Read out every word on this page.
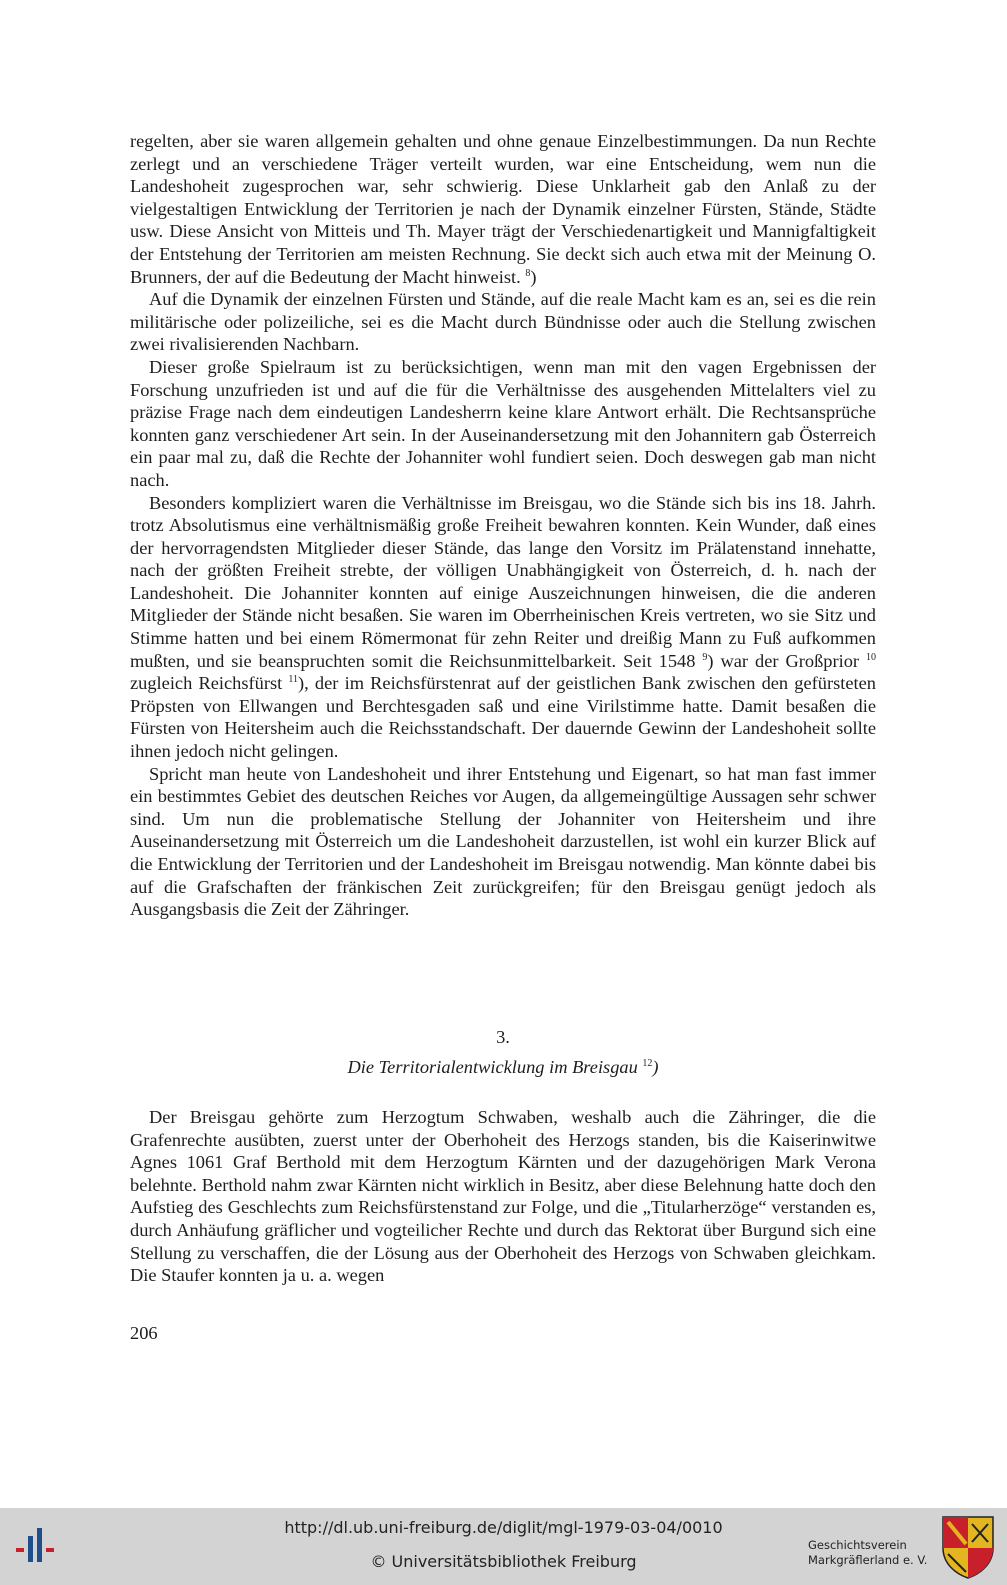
regelten, aber sie waren allgemein gehalten und ohne genaue Einzelbestimmungen. Da nun Rechte zerlegt und an verschiedene Träger verteilt wurden, war eine Entscheidung, wem nun die Landeshoheit zugesprochen war, sehr schwierig. Diese Unklarheit gab den Anlaß zu der vielgestaltigen Entwicklung der Territorien je nach der Dynamik einzelner Fürsten, Stände, Städte usw. Diese Ansicht von Mitteis und Th. Mayer trägt der Verschiedenartigkeit und Mannigfaltigkeit der Entstehung der Territorien am meisten Rechnung. Sie deckt sich auch etwa mit der Meinung O. Brunners, der auf die Bedeutung der Macht hinweist. $^8$)

Auf die Dynamik der einzelnen Fürsten und Stände, auf die reale Macht kam es an, sei es die rein militärische oder polizeiliche, sei es die Macht durch Bündnisse oder auch die Stellung zwischen zwei rivalisierenden Nachbarn.

Dieser große Spielraum ist zu berücksichtigen, wenn man mit den vagen Ergebnissen der Forschung unzufrieden ist und auf die für die Verhältnisse des ausgehenden Mittelalters viel zu präzise Frage nach dem eindeutigen Landesherrn keine klare Antwort erhält. Die Rechtsansprüche konnten ganz verschiedener Art sein. In der Auseinandersetzung mit den Johannitern gab Österreich ein paar mal zu, daß die Rechte der Johanniter wohl fundiert seien. Doch deswegen gab man nicht nach.

Besonders kompliziert waren die Verhältnisse im Breisgau, wo die Stände sich bis ins 18. Jahrh. trotz Absolutismus eine verhältnismäßig große Freiheit bewahren konnten. Kein Wunder, daß eines der hervorragendsten Mitglieder dieser Stände, das lange den Vorsitz im Prälatenstand innehatte, nach der größten Freiheit strebte, der völligen Unabhängigkeit von Österreich, d. h. nach der Landeshoheit. Die Johanniter konnten auf einige Auszeichnungen hinweisen, die die anderen Mitglieder der Stände nicht besaßen. Sie waren im Oberrheinischen Kreis vertreten, wo sie Sitz und Stimme hatten und bei einem Römermonat für zehn Reiter und dreißig Mann zu Fuß aufkommen mußten, und sie beanspruchten somit die Reichsunmittelbarkeit. Seit 1548 $^9$) war der Großprior $^{10}$ zugleich Reichsfürst $^{11}$), der im Reichsfürstenrat auf der geistlichen Bank zwischen den gefürsteten Pröpsten von Ellwangen und Berchtesgaden saß und eine Virilstimme hatte. Damit besaßen die Fürsten von Heitersheim auch die Reichsstandschaft. Der dauernde Gewinn der Landeshoheit sollte ihnen jedoch nicht gelingen.

Spricht man heute von Landeshoheit und ihrer Entstehung und Eigenart, so hat man fast immer ein bestimmtes Gebiet des deutschen Reiches vor Augen, da allgemeingültige Aussagen sehr schwer sind. Um nun die problematische Stellung der Johanniter von Heitersheim und ihre Auseinandersetzung mit Österreich um die Landeshoheit darzustellen, ist wohl ein kurzer Blick auf die Entwicklung der Territorien und der Landeshoheit im Breisgau notwendig. Man könnte dabei bis auf die Grafschaften der fränkischen Zeit zurückgreifen; für den Breisgau genügt jedoch als Ausgangsbasis die Zeit der Zähringer.

3.
Die Territorialentwicklung im Breisgau $^{12}$)

Der Breisgau gehörte zum Herzogtum Schwaben, weshalb auch die Zähringer, die die Grafenrechte ausübten, zuerst unter der Oberhoheit des Herzogs standen, bis die Kaiserinwitwe Agnes 1061 Graf Berthold mit dem Herzogtum Kärnten und der dazugehörigen Mark Verona belehnte. Berthold nahm zwar Kärnten nicht wirklich in Besitz, aber diese Belehnung hatte doch den Aufstieg des Geschlechts zum Reichsfürstenstand zur Folge, und die „Titularherzöge“ verstanden es, durch Anhäufung gräflicher und vogteilicher Rechte und durch das Rektorat über Burgund sich eine Stellung zu verschaffen, die der Lösung aus der Oberhoheit des Herzogs von Schwaben gleichkam. Die Staufer konnten ja u. a. wegen

206
http://dl.ub.uni-freiburg.de/diglit/mgl-1979-03-04/0010
© Universitätsbibliothek Freiburg
Geschichtsverein
Markgräflerland e. V.
